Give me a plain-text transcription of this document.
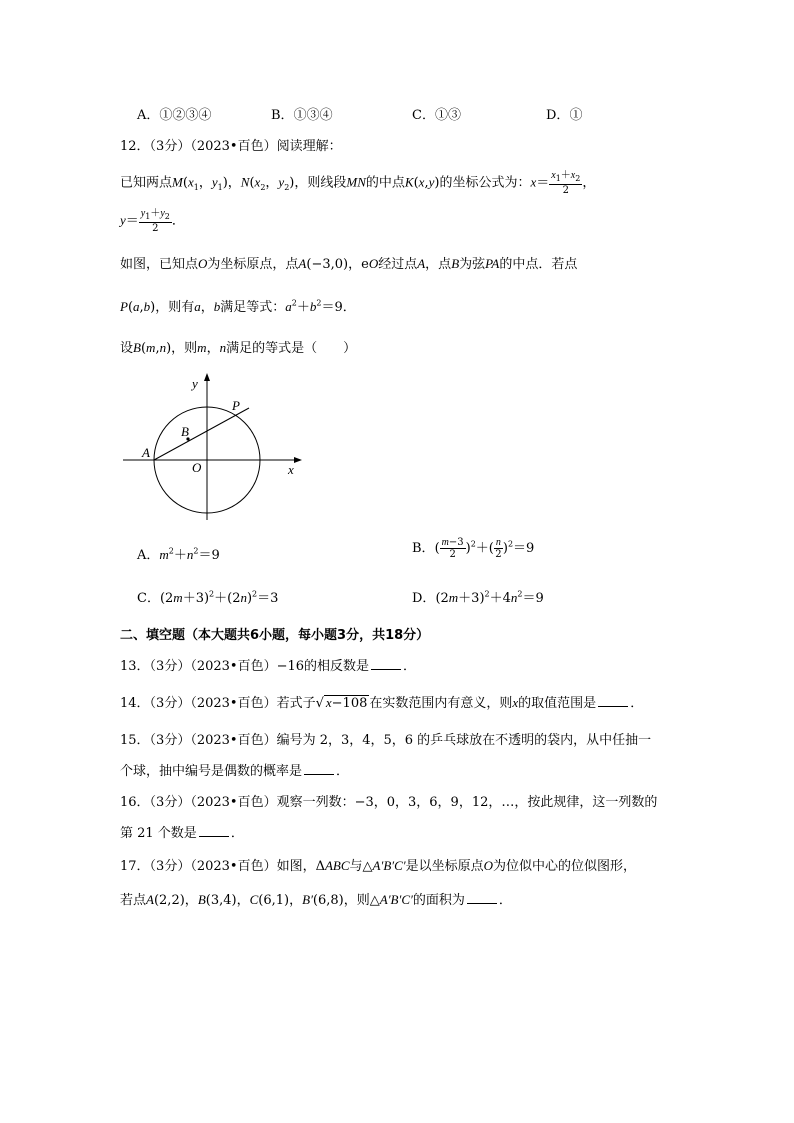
A．①②③④	B．①③④	C．①③	D．①
12．（3分）（2023•百色）阅读理解：
已知两点$M(x_1$，$y_1$)，$N(x_2$，$y_2$)，则线段MN的中点K(x,y)的坐标公式为：$x= \frac{x_1+x_2}{2}$ ，
$y= \frac{y_1+y_2}{2}$ ．
如图，已知点O为坐标原点，点A(−3,0)，eO经过点A，点B为弦PA的中点．若点
P(a,b)，则有a，b满足等式：$a^2+b^2=9$．
设B(m,n)，则m，n满足的等式是（　　）
y
x
P
B
A
O
A．$m^2+n^2=9$	B．( $\frac{m-3}{2} )^2+( \frac{n}{2} )^2=9$
C．$(2m+3)^2+(2n)^2=3$	D．$(2m+3)^2+4n^2=9$
二、填空题（本大题共6小题，每小题3分，共18分）
13．（3分）（2023•百色）−16的相反数是	．
14．（3分）（2023•百色）若式子√ x−108 在实数范围内有意义，则x的取值范围是	．
15．（3分）（2023•百色）编号为 2，3，4，5，6 的乒乓球放在不透明的袋内，从中任抽一
个球，抽中编号是偶数的概率是	．
16．（3分）（2023•百色）观察一列数：−3，0，3，6，9，12，…，按此规律，这一列数的
第 21 个数是	．
17．（3分）（2023•百色）如图，ΔABC与△A′B′C′是以坐标原点O为位似中心的位似图形，
若点A(2,2)，B(3,4)，C(6,1)，B′(6,8)，则△A′B′C′的面积为	．
